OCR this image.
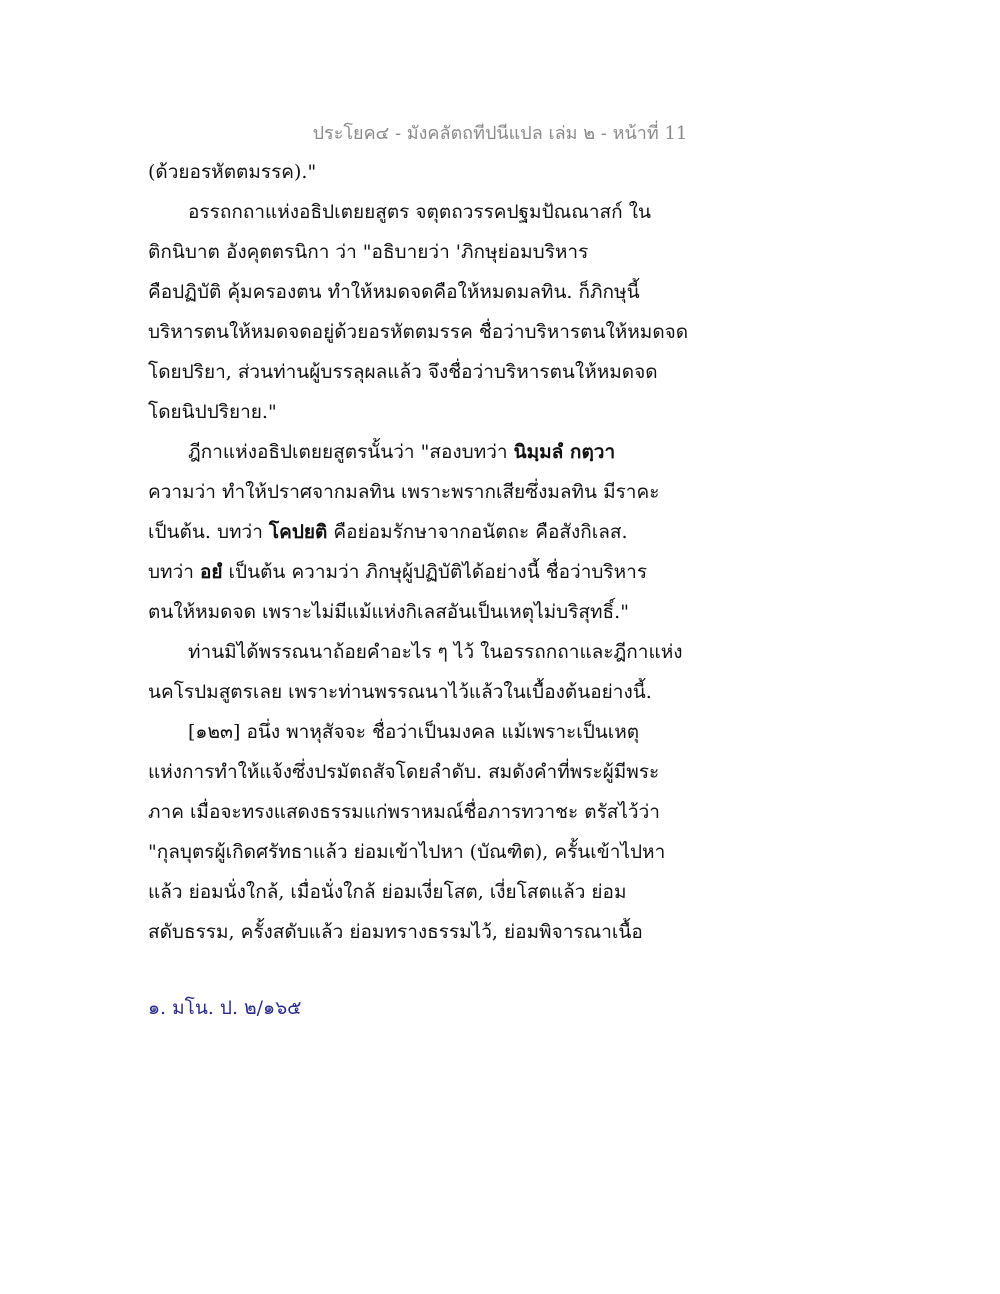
ประโยค๔ - มังคลัตถทีปนีแปล เล่ม ๒ - หน้าที่ 11
(ด้วยอรหัตตมรรค)."
อรรถกถาแห่งอธิปเตยยสูตร จตุตถวรรคปฐมปัณณาสก์ ใน
ติกนิบาต อังคุตตรนิกา ว่า "อธิบายว่า 'ภิกษุย่อมบริหาร
คือปฏิบัติ คุ้มครองตน ทำให้หมดจดคือให้หมดมลทิน. ก็ภิกษุนี้
บริหารตนให้หมดจดอยู่ด้วยอรหัตตมรรค ชื่อว่าบริหารตนให้หมดจด
โดยปริยา, ส่วนท่านผู้บรรลุผลแล้ว จึงชื่อว่าบริหารตนให้หมดจด
โดยนิปปริยาย."
ฎีกาแห่งอธิปเตยยสูตรนั้นว่า "สองบทว่า นิมฺมลํ กตฺวา
ความว่า ทำให้ปราศจากมลทิน เพราะพรากเสียซึ่งมลทิน มีราคะ
เป็นต้น. บทว่า โคปยติ คือย่อมรักษาจากอนัตถะ คือสังกิเลส.
บทว่า อยํ เป็นต้น ความว่า ภิกษุผู้ปฏิบัติได้อย่างนี้ ชื่อว่าบริหาร
ตนให้หมดจด เพราะไม่มีแม้แห่งกิเลสอันเป็นเหตุไม่บริสุทธิ์."
ท่านมิได้พรรณนาถ้อยคำอะไร ๆ ไว้ ในอรรถกถาและฎีกาแห่ง
นคโรปมสูตรเลย เพราะท่านพรรณนาไว้แล้วในเบื้องต้นอย่างนี้.
[๑๒๓] อนึ่ง พาหุสัจจะ ชื่อว่าเป็นมงคล แม้เพราะเป็นเหตุ
แห่งการทำให้แจ้งซึ่งปรมัตถสัจโดยลำดับ. สมดังคำที่พระผู้มีพระ
ภาค เมื่อจะทรงแสดงธรรมแก่พราหมณ์ชื่อภารทวาชะ ตรัสไว้ว่า
"กุลบุตรผู้เกิดศรัทธาแล้ว ย่อมเข้าไปหา (บัณฑิต), ครั้นเข้าไปหา
แล้ว ย่อมนั่งใกล้, เมื่อนั่งใกล้ ย่อมเงี่ยโสต, เงี่ยโสตแล้ว ย่อม
สดับธรรม, ครั้งสดับแล้ว ย่อมทรางธรรมไว้, ย่อมพิจารณาเนื้อ
๑. มโน. ป. ๒/๑๖๕
